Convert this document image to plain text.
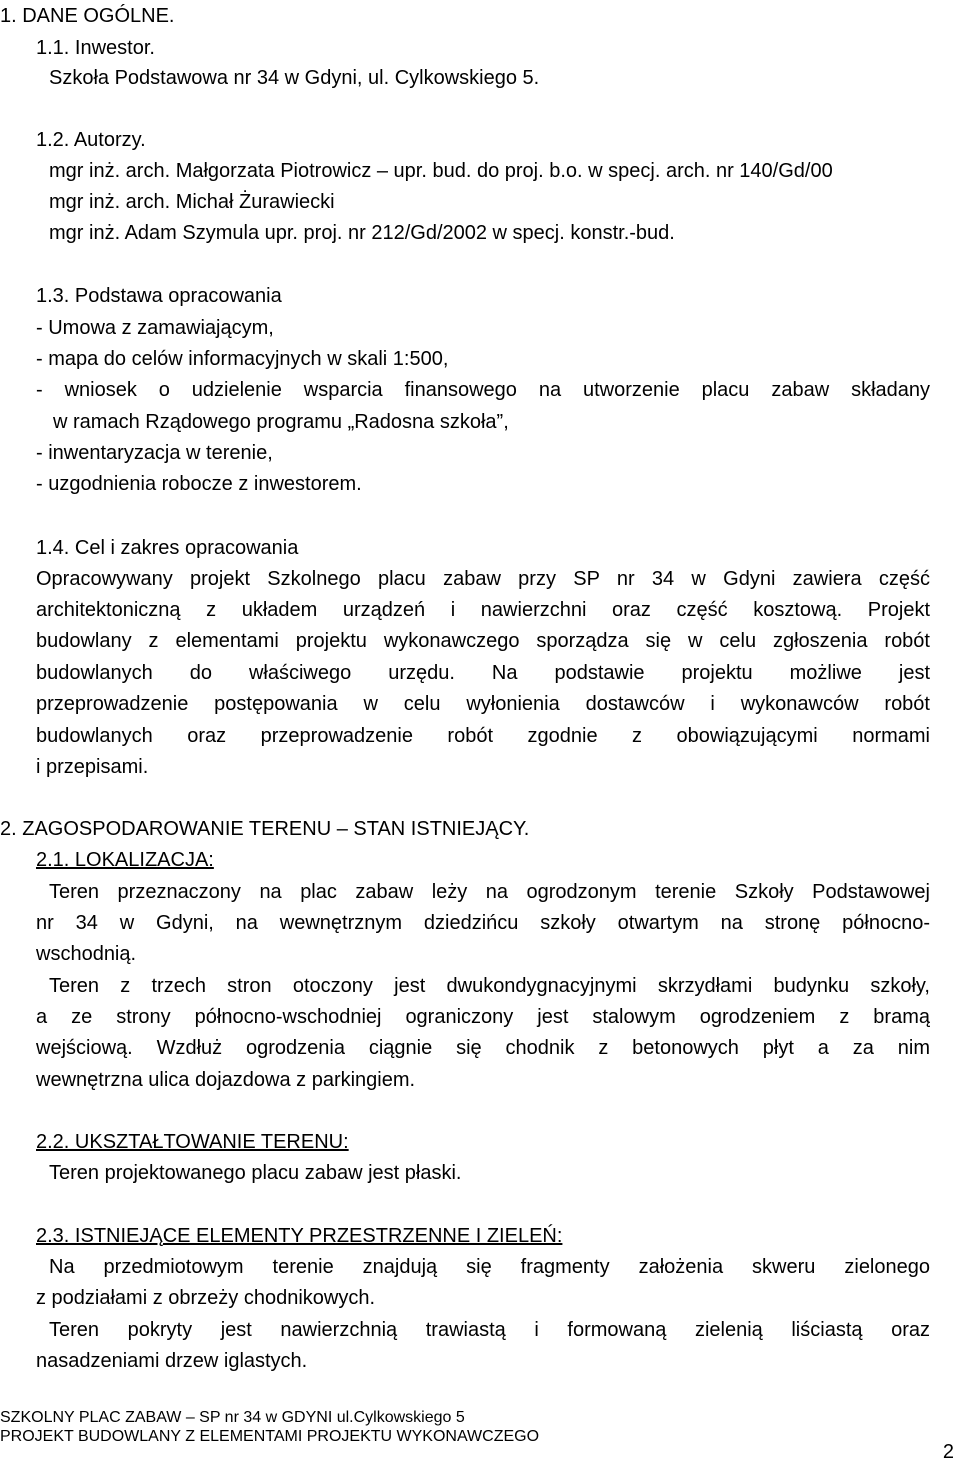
1. DANE OGÓLNE.
1.1. Inwestor.
Szkoła Podstawowa nr 34 w Gdyni, ul. Cylkowskiego 5.
1.2. Autorzy.
mgr inż. arch. Małgorzata Piotrowicz – upr. bud. do proj. b.o. w specj. arch. nr 140/Gd/00
mgr inż. arch. Michał Żurawiecki
mgr inż. Adam Szymula upr. proj. nr 212/Gd/2002 w specj. konstr.-bud.
1.3. Podstawa opracowania
- Umowa z zamawiającym,
- mapa do celów informacyjnych w skali 1:500,
- wniosek o udzielenie wsparcia finansowego na utworzenie placu zabaw składany
w ramach Rządowego programu „Radosna szkoła”,
- inwentaryzacja w terenie,
- uzgodnienia robocze z inwestorem.
1.4. Cel i zakres opracowania
Opracowywany projekt Szkolnego placu zabaw przy SP nr 34 w Gdyni zawiera część
architektoniczną z układem urządzeń i nawierzchni oraz część kosztową. Projekt
budowlany z elementami projektu wykonawczego sporządza się w celu zgłoszenia robót
budowlanych do właściwego urzędu. Na podstawie projektu możliwe jest
przeprowadzenie postępowania w celu wyłonienia dostawców i wykonawców robót
budowlanych oraz przeprowadzenie robót zgodnie z obowiązującymi normami
i przepisami.
2. ZAGOSPODAROWANIE TERENU – STAN ISTNIEJĄCY.
2.1. LOKALIZACJA:
Teren przeznaczony na plac zabaw leży na ogrodzonym terenie Szkoły Podstawowej
nr 34 w Gdyni, na wewnętrznym dziedzińcu szkoły otwartym na stronę północno-
wschodnią.
Teren z trzech stron otoczony jest dwukondygnacyjnymi skrzydłami budynku szkoły,
a ze strony północno-wschodniej ograniczony jest stalowym ogrodzeniem z bramą
wejściową. Wzdłuż ogrodzenia ciągnie się chodnik z betonowych płyt a za nim
wewnętrzna ulica dojazdowa z parkingiem.
2.2. UKSZTAŁTOWANIE TERENU:
Teren projektowanego placu zabaw jest płaski.
2.3. ISTNIEJĄCE ELEMENTY PRZESTRZENNE I ZIELEŃ:
Na przedmiotowym terenie znajdują się fragmenty założenia skweru zielonego
z podziałami z obrzeży chodnikowych.
Teren pokryty jest nawierzchnią trawiastą i formowaną zielenią liściastą oraz
nasadzeniami drzew iglastych.
SZKOLNY PLAC ZABAW – SP nr 34 w GDYNI ul.Cylkowskiego 5
PROJEKT BUDOWLANY Z ELEMENTAMI PROJEKTU WYKONAWCZEGO
2
